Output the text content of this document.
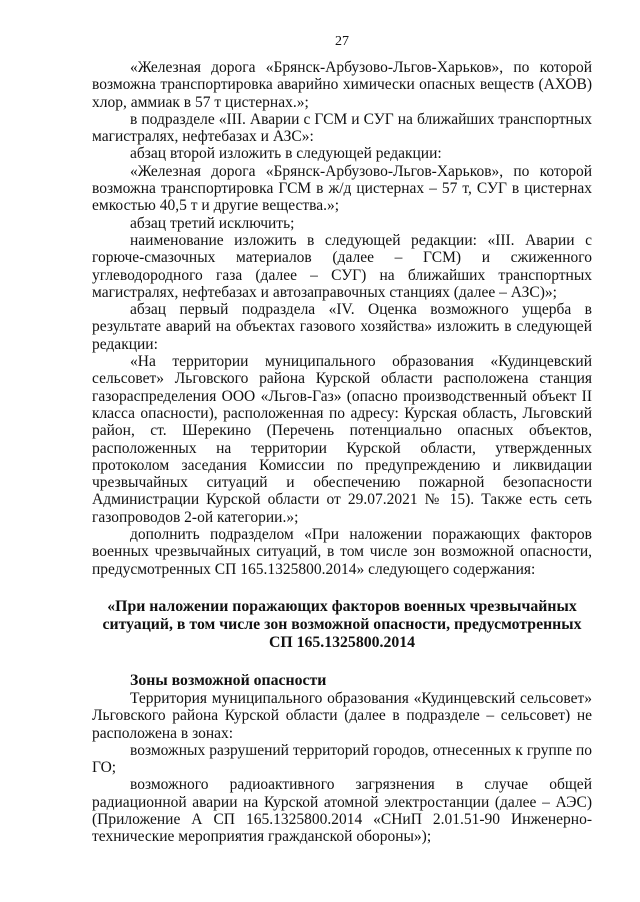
27

«Железная дорога «Брянск-Арбузово-Льгов-Харьков», по которой возможна транспортировка аварийно химически опасных веществ (АХОВ) хлор, аммиак в 57 т цистернах.»;

в подразделе «III. Аварии с ГСМ и СУГ на ближайших транспортных магистралях, нефтебазах и АЗС»:

абзац второй изложить в следующей редакции:

«Железная дорога «Брянск-Арбузово-Льгов-Харьков», по которой возможна транспортировка ГСМ в ж/д цистернах – 57 т, СУГ в цистернах емкостью 40,5 т и другие вещества.»;

абзац третий исключить;

наименование изложить в следующей редакции: «III. Аварии с горюче-смазочных материалов (далее – ГСМ) и сжиженного углеводородного газа (далее – СУГ) на ближайших транспортных магистралях, нефтебазах и автозаправочных станциях (далее – АЗС)»;

абзац первый подраздела «IV. Оценка возможного ущерба в результате аварий на объектах газового хозяйства» изложить в следующей редакции:

«На территории муниципального образования «Кудинцевский сельсовет» Льговского района Курской области расположена станция газораспределения ООО «Льгов-Газ» (опасно производственный объект II класса опасности), расположенная по адресу: Курская область, Льговский район, ст. Шерекино (Перечень потенциально опасных объектов, расположенных на территории Курской области, утвержденных протоколом заседания Комиссии по предупреждению и ликвидации чрезвычайных ситуаций и обеспечению пожарной безопасности Администрации Курской области от 29.07.2021 № 15). Также есть сеть газопроводов 2-ой категории.»;

дополнить подразделом «При наложении поражающих факторов военных чрезвычайных ситуаций, в том числе зон возможной опасности, предусмотренных СП 165.1325800.2014» следующего содержания:

«При наложении поражающих факторов военных чрезвычайных

ситуаций, в том числе зон возможной опасности, предусмотренных

СП 165.1325800.2014

Зоны возможной опасности

Территория муниципального образования «Кудинцевский сельсовет» Льговского района Курской области (далее в подразделе – сельсовет) не расположена в зонах:

возможных разрушений территорий городов, отнесенных к группе по ГО;

возможного радиоактивного загрязнения в случае общей радиационной аварии на Курской атомной электростанции (далее – АЭС) (Приложение А СП 165.1325800.2014 «СНиП 2.01.51-90 Инженерно-технические мероприятия гражданской обороны»);
